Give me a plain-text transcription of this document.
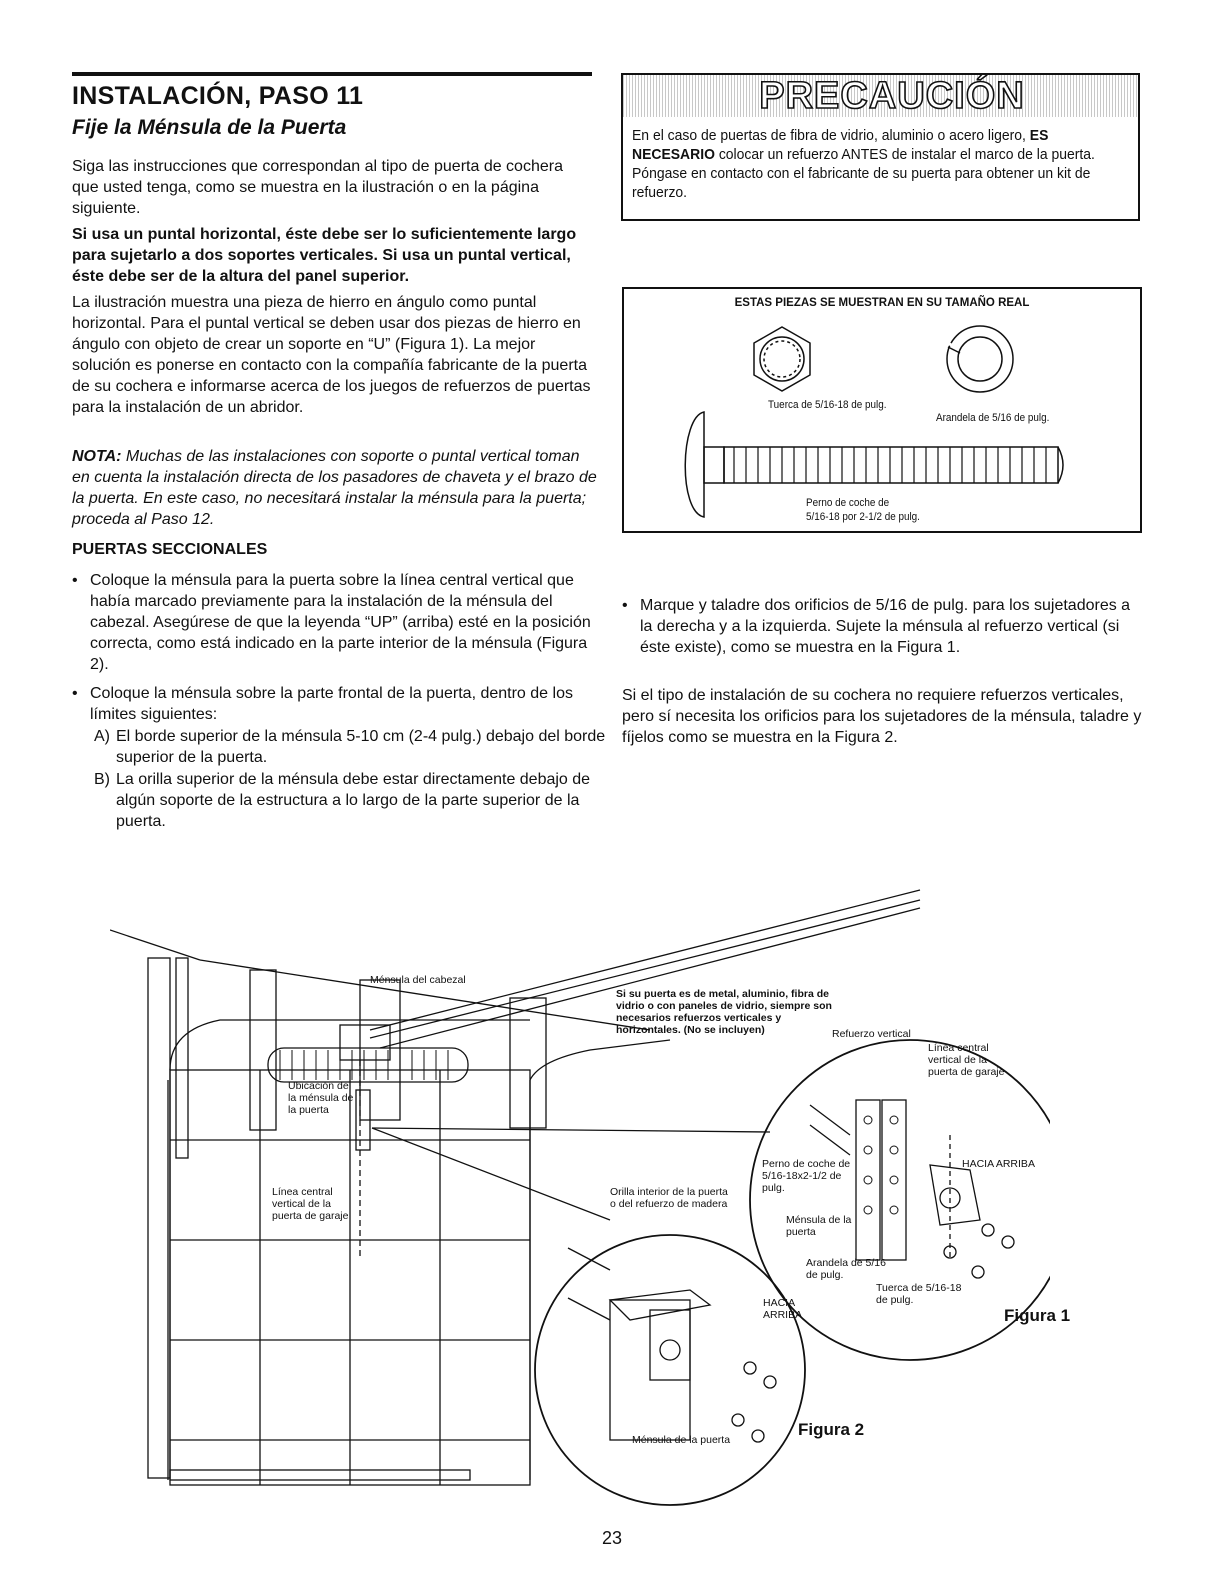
INSTALACIÓN, PASO 11
Fije la Ménsula de la Puerta

Siga las instrucciones que correspondan al tipo de puerta de cochera que usted tenga, como se muestra en la ilustración o en la página siguiente.

Si usa un puntal horizontal, éste debe ser lo suficientemente largo para sujetarlo a dos soportes verticales. Si usa un puntal vertical, éste debe ser de la altura del panel superior.

La ilustración muestra una pieza de hierro en ángulo como puntal horizontal. Para el puntal vertical se deben usar dos piezas de hierro en ángulo con objeto de crear un soporte en “U” (Figura 1). La mejor solución es ponerse en contacto con la compañía fabricante de la puerta de su cochera e informarse acerca de los juegos de refuerzos de puertas para la instalación de un abridor.

NOTA: Muchas de las instalaciones con soporte o puntal vertical toman en cuenta la instalación directa de los pasadores de chaveta y el brazo de la puerta. En este caso, no necesitará instalar la ménsula para la puerta; proceda al Paso 12.

PUERTAS SECCIONALES
• Coloque la ménsula para la puerta sobre la línea central vertical que había marcado previamente para la instalación de la ménsula del cabezal. Asegúrese de que la leyenda “UP” (arriba) esté en la posición correcta, como está indicado en la parte interior de la ménsula (Figura 2).
• Coloque la ménsula sobre la parte frontal de la puerta, dentro de los límites siguientes:
A) El borde superior de la ménsula 5-10 cm (2-4 pulg.) debajo del borde superior de la puerta.
B) La orilla superior de la ménsula debe estar directamente debajo de algún soporte de la estructura a lo largo de la parte superior de la puerta.
PRECAUCIÓN

En el caso de puertas de fibra de vidrio, aluminio o acero ligero, ES NECESARIO colocar un refuerzo ANTES de instalar el marco de la puerta. Póngase en contacto con el fabricante de su puerta para obtener un kit de refuerzo.

ESTAS PIEZAS SE MUESTRAN EN SU TAMAÑO REAL
Tuerca de 5/16-18 de pulg.
Arandela de 5/16 de pulg.
Perno de coche de
5/16-18 por 2-1/2 de pulg.
• Marque y taladre dos orificios de 5/16 de pulg. para los sujetadores a la derecha y a la izquierda. Sujete la ménsula al refuerzo vertical (si éste existe), como se muestra en la Figura 1.

Si el tipo de instalación de su cochera no requiere refuerzos verticales, pero sí necesita los orificios para los sujetadores de la ménsula, taladre y fíjelos como se muestra en la Figura 2.

Ménsula del cabezal
Si su puerta es de metal, aluminio, fibra de vidrio o con paneles de vidrio, siempre son necesarios refuerzos verticales y horizontales. (No se incluyen)
Ubicación de la ménsula de la puerta
Línea central vertical de la puerta de garaje
Orilla interior de la puerta o del refuerzo de madera
HACIA ARRIBA
Ménsula de la puerta
Figura 2
Refuerzo vertical
Línea central vertical de la puerta de garaje
HACIA ARRIBA
Perno de coche de 5/16-18x2-1/2 de pulg.
Ménsula de la puerta
Arandela de 5/16 de pulg.
Tuerca de 5/16-18 de pulg.
Figura 1
23
